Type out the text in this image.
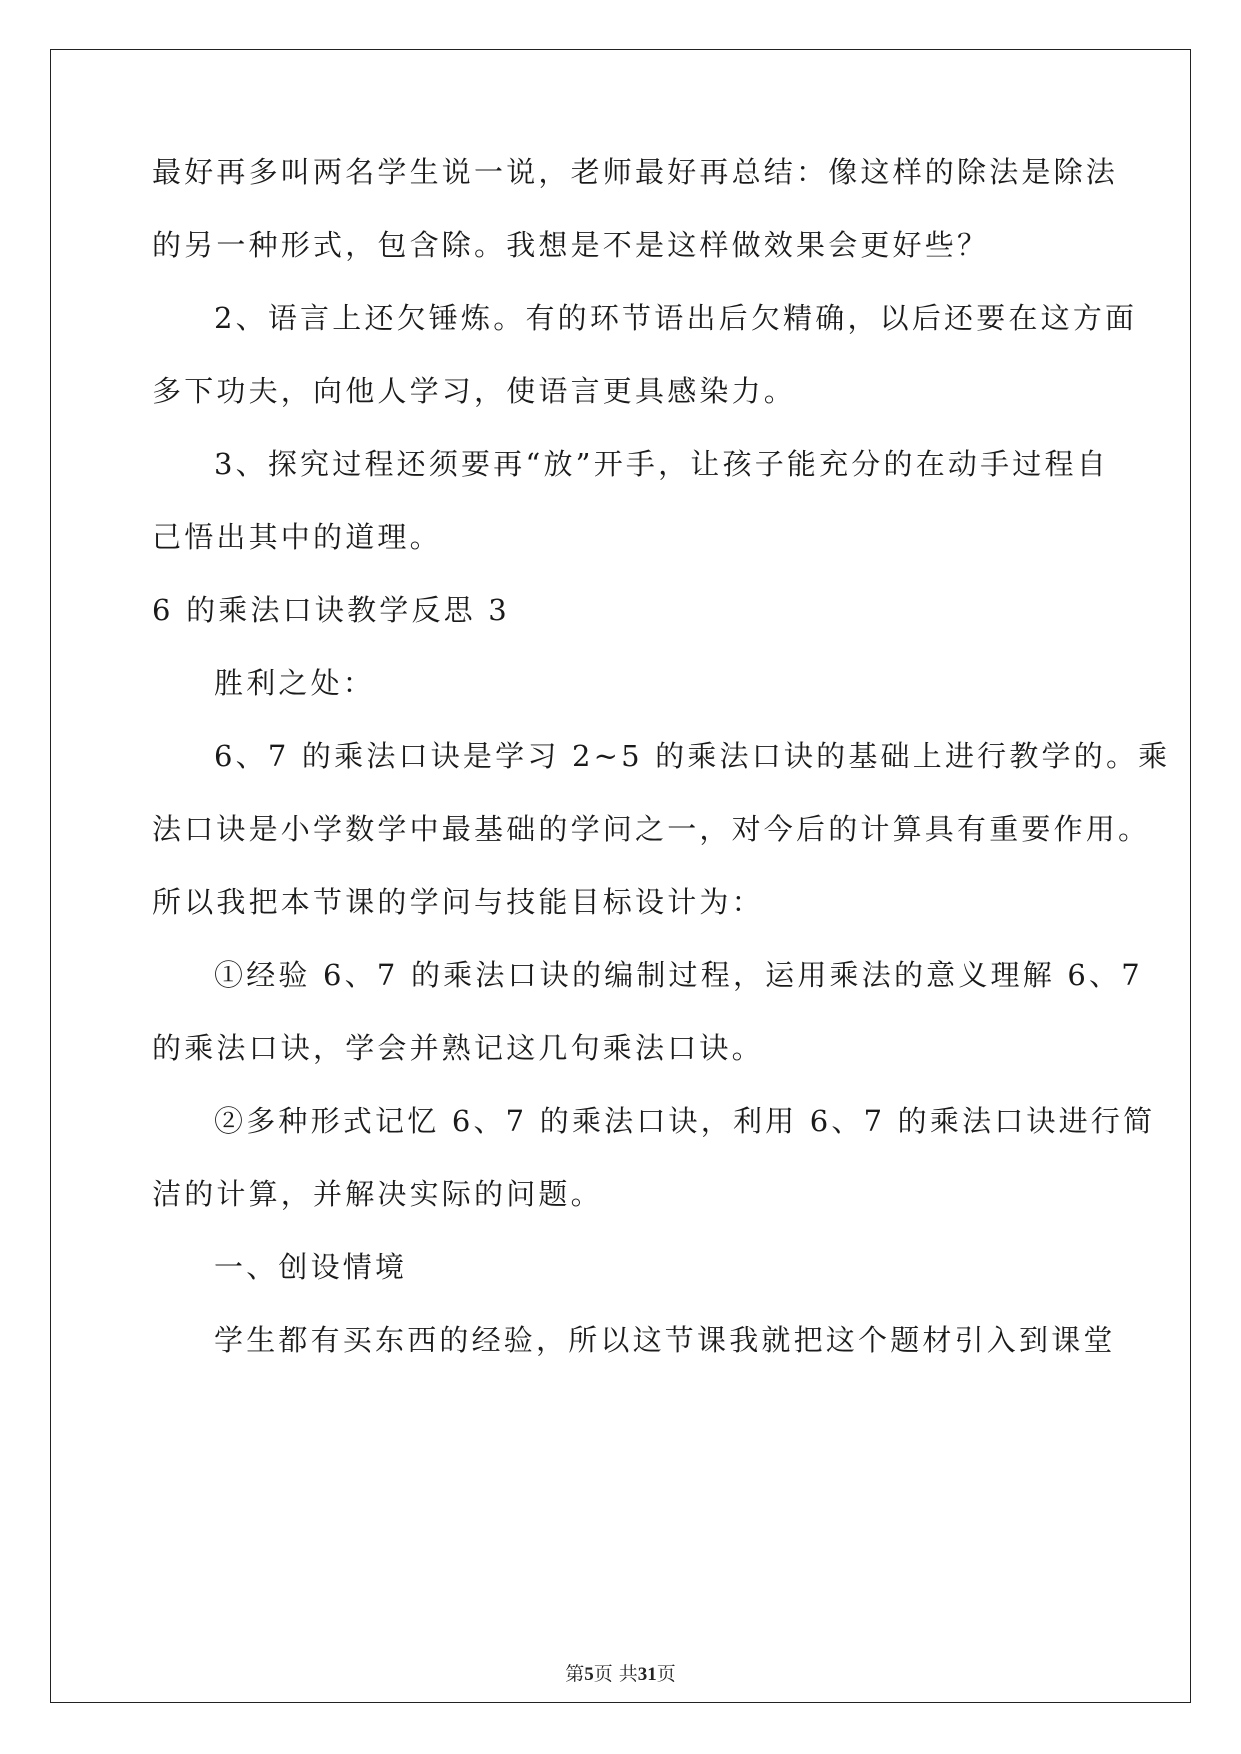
最好再多叫两名学生说一说，老师最好再总结：像这样的除法是除法
的另一种形式，包含除。我想是不是这样做效果会更好些？
2、语言上还欠锤炼。有的环节语出后欠精确，以后还要在这方面
多下功夫，向他人学习，使语言更具感染力。
3、探究过程还须要再“放”开手，让孩子能充分的在动手过程自
己悟出其中的道理。
6 的乘法口诀教学反思 3
胜利之处：
6、7 的乘法口诀是学习 2~5 的乘法口诀的基础上进行教学的。乘
法口诀是小学数学中最基础的学问之一，对今后的计算具有重要作用。
所以我把本节课的学问与技能目标设计为：
①经验 6、7 的乘法口诀的编制过程，运用乘法的意义理解 6、7
的乘法口诀，学会并熟记这几句乘法口诀。
②多种形式记忆 6、7 的乘法口诀，利用 6、7 的乘法口诀进行简
洁的计算，并解决实际的问题。
一、创设情境
学生都有买东西的经验，所以这节课我就把这个题材引入到课堂
第5页 共31页
